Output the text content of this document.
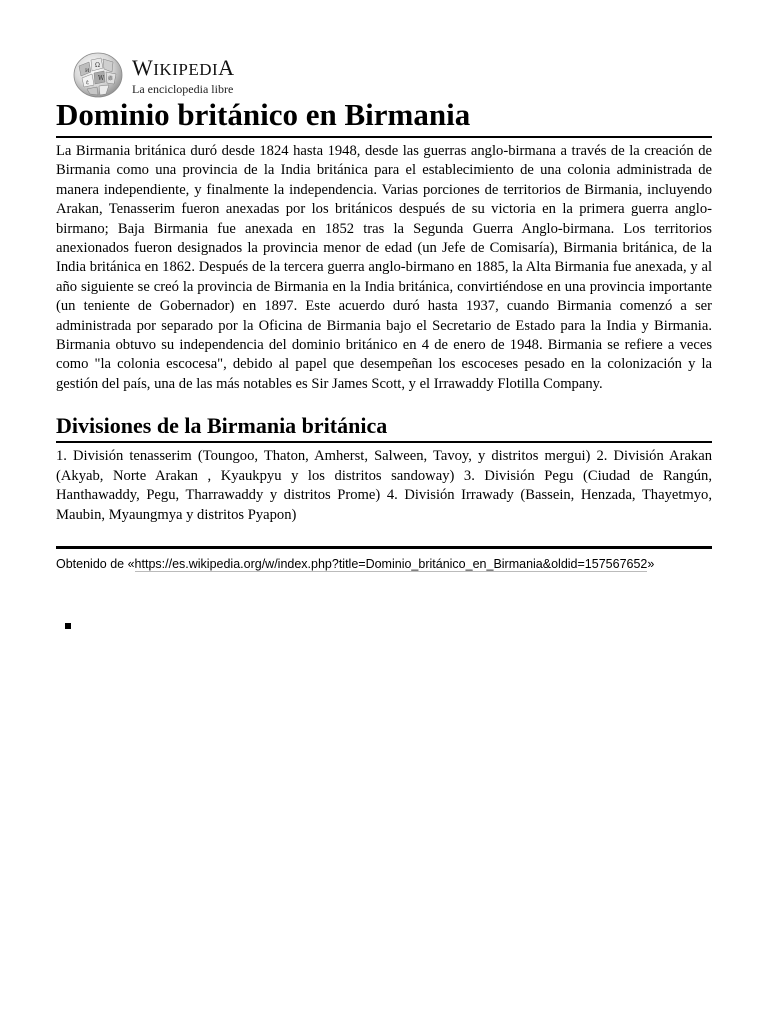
Ω
И
W
ع	維 WIKIPEDIA
La enciclopedia libre
Dominio británico en Birmania

La Birmania británica duró desde 1824 hasta 1948, desde las guerras anglo-birmana a través de la creación de Birmania como una provincia de la India británica para el establecimiento de una colonia administrada de manera independiente, y finalmente la independencia. Varias porciones de territorios de Birmania, incluyendo Arakan, Tenasserim fueron anexadas por los británicos después de su victoria en la primera guerra anglo-birmano; Baja Birmania fue anexada en 1852 tras la Segunda Guerra Anglo-birmana. Los territorios anexionados fueron designados la provincia menor de edad (un Jefe de Comisaría), Birmania británica, de la India británica en 1862. Después de la tercera guerra anglo-birmano en 1885, la Alta Birmania fue anexada, y al año siguiente se creó la provincia de Birmania en la India británica, convirtiéndose en una provincia importante (un teniente de Gobernador) en 1897. Este acuerdo duró hasta 1937, cuando Birmania comenzó a ser administrada por separado por la Oficina de Birmania bajo el Secretario de Estado para la India y Birmania. Birmania obtuvo su independencia del dominio británico en 4 de enero de 1948. Birmania se refiere a veces como "la colonia escocesa", debido al papel que desempeñan los escoceses pesado en la colonización y la gestión del país, una de las más notables es Sir James Scott, y el Irrawaddy Flotilla Company.

Divisiones de la Birmania británica

1. División tenasserim (Toungoo, Thaton, Amherst, Salween, Tavoy, y distritos mergui) 2. División Arakan (Akyab, Norte Arakan , Kyaukpyu y los distritos sandoway) 3. División Pegu (Ciudad de Rangún, Hanthawaddy, Pegu, Tharrawaddy y distritos Prome) 4. División Irrawady (Bassein, Henzada, Thayetmyo, Maubin, Myaungmya y distritos Pyapon)

Obtenido de «https://es.wikipedia.org/w/index.php?title=Dominio_británico_en_Birmania&oldid=157567652»
